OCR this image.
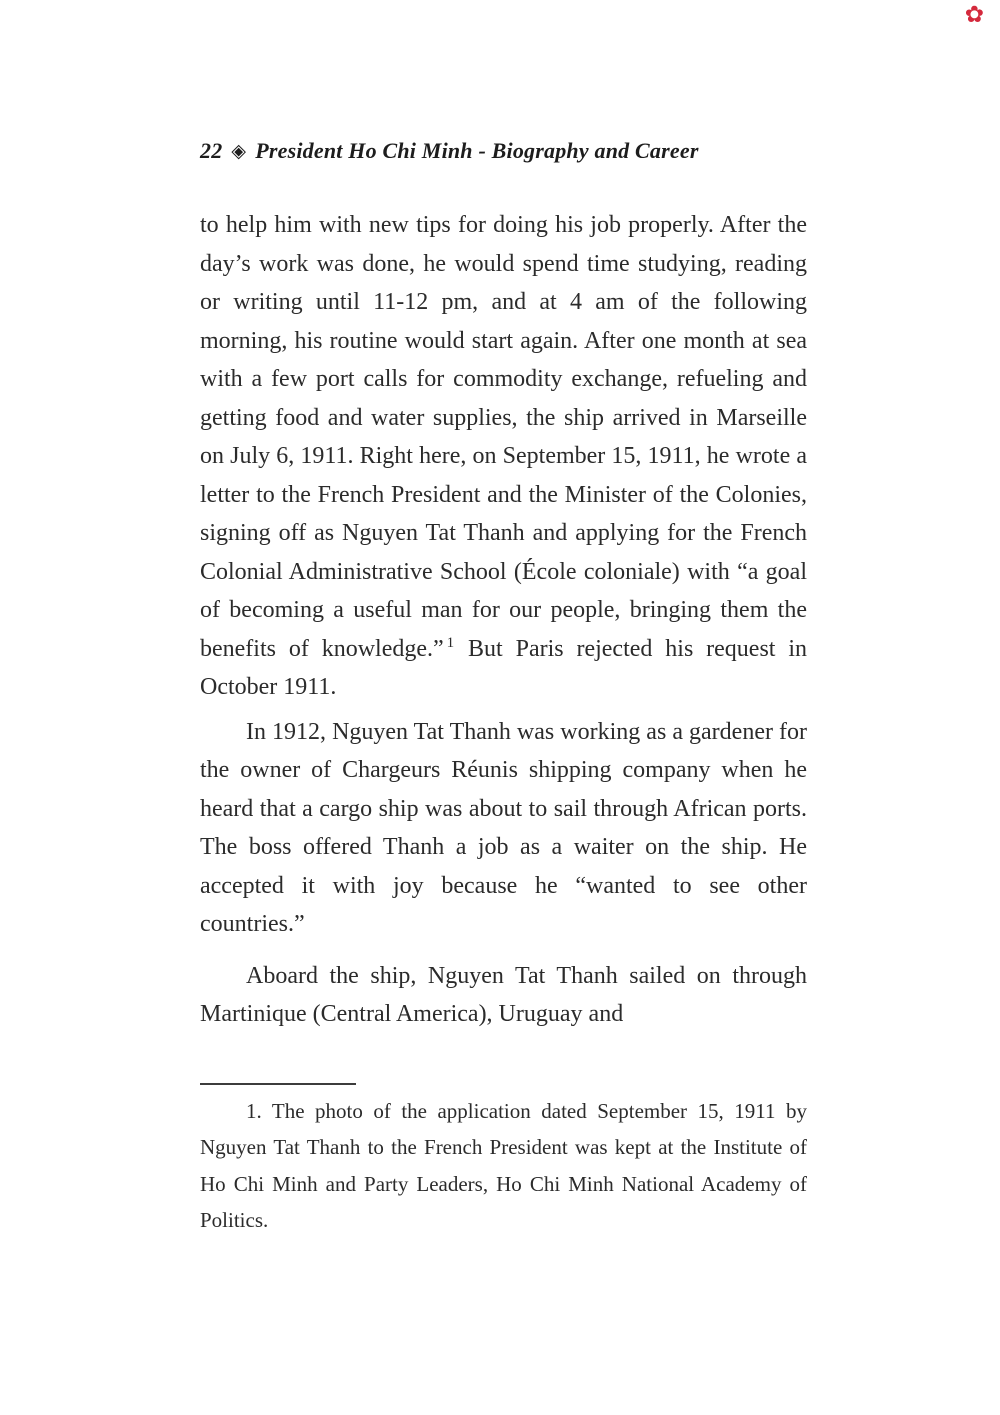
✿
22 ◈ President Ho Chi Minh - Biography and Career

to help him with new tips for doing his job properly. After the day’s work was done, he would spend time studying, reading or writing until 11-12 pm, and at 4 am of the following morning, his routine would start again. After one month at sea with a few port calls for commodity exchange, refueling and getting food and water supplies, the ship arrived in Marseille on July 6, 1911. Right here, on September 15, 1911, he wrote a letter to the French President and the Minister of the Colonies, signing off as Nguyen Tat Thanh and applying for the French Colonial Administrative School (École coloniale) with “a goal of becoming a useful man for our people, bringing them the benefits of knowledge.” $^1$ But Paris rejected his request in October 1911.

In 1912, Nguyen Tat Thanh was working as a gardener for the owner of Chargeurs Réunis shipping company when he heard that a cargo ship was about to sail through African ports. The boss offered Thanh a job as a waiter on the ship. He accepted it with joy because he “wanted to see other countries.”

Aboard the ship, Nguyen Tat Thanh sailed on through Martinique (Central America), Uruguay and

1. The photo of the application dated September 15, 1911 by Nguyen Tat Thanh to the French President was kept at the Institute of Ho Chi Minh and Party Leaders, Ho Chi Minh National Academy of Politics.
